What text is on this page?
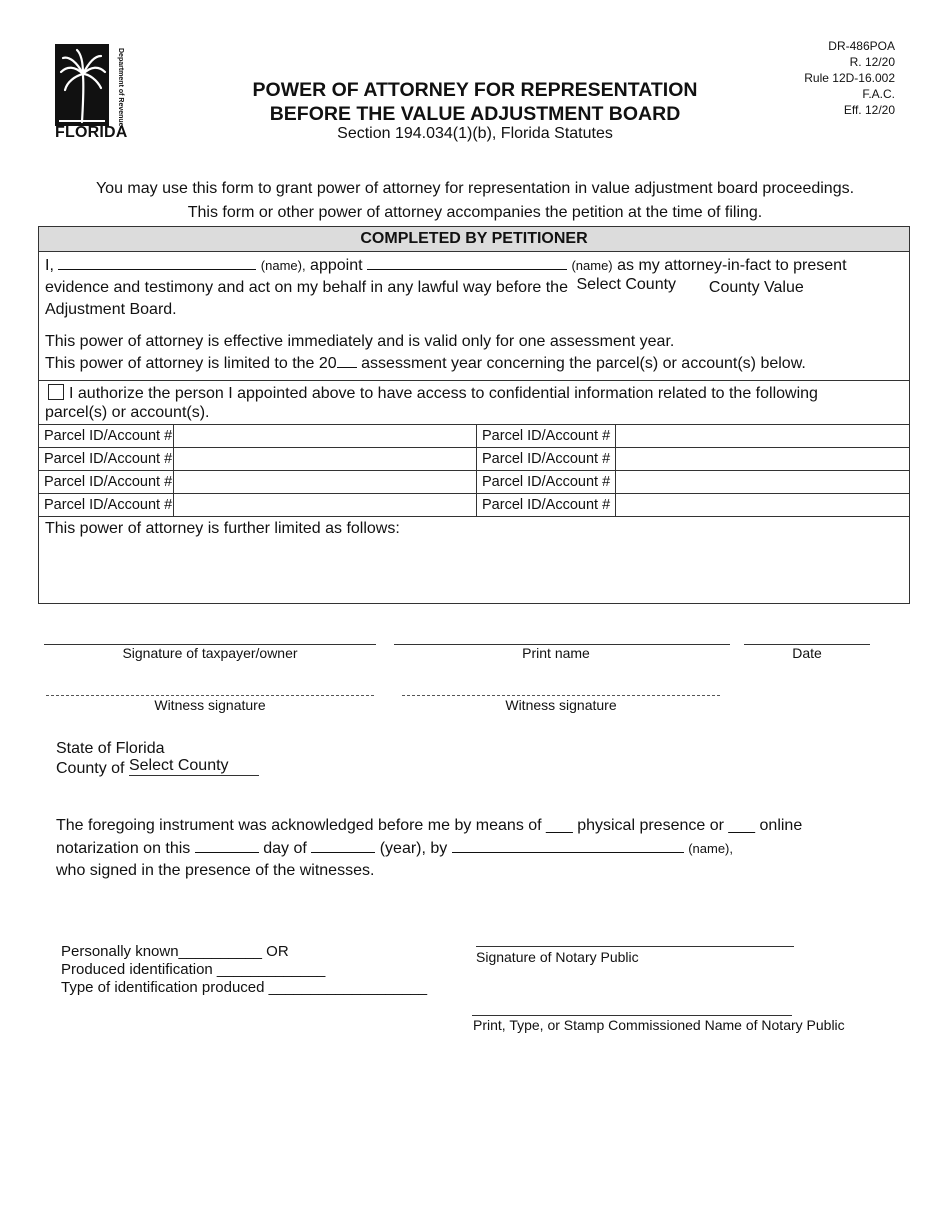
Department of Revenue
FLORIDA
POWER OF ATTORNEY FOR REPRESENTATION
BEFORE THE VALUE ADJUSTMENT BOARD
Section 194.034(1)(b), Florida Statutes
DR-486POA
R. 12/20
Rule 12D-16.002
F.A.C.
Eff. 12/20
You may use this form to grant power of attorney for representation in value adjustment board proceedings.
This form or other power of attorney accompanies the petition at the time of filing.
COMPLETED BY PETITIONER
I,	(name), appoint	(name) as my attorney-in-fact to present
evidence and testimony and act on my behalf in any lawful way before the Select County County Value
Adjustment Board.
This power of attorney is effective immediately and is valid only for one assessment year.
This power of attorney is limited to the 20 assessment year concerning the parcel(s) or account(s) below.
I authorize the person I appointed above to have access to confidential information related to the following
parcel(s) or account(s).
Parcel ID/Account #	Parcel ID/Account #
Parcel ID/Account #	Parcel ID/Account #
Parcel ID/Account #	Parcel ID/Account #
Parcel ID/Account #	Parcel ID/Account #
This power of attorney is further limited as follows:
Signature of taxpayer/owner	Print name	Date
Witness signature	Witness signature
State of Florida
County of Select County
The foregoing instrument was acknowledged before me by means of ___ physical presence or ___ online
notarization on this	day of	(year), by	(name),
who signed in the presence of the witnesses.
Personally known__________ OR
Produced identification _____________
Type of identification produced ___________________
Signature of Notary Public
Print, Type, or Stamp Commissioned Name of Notary Public
